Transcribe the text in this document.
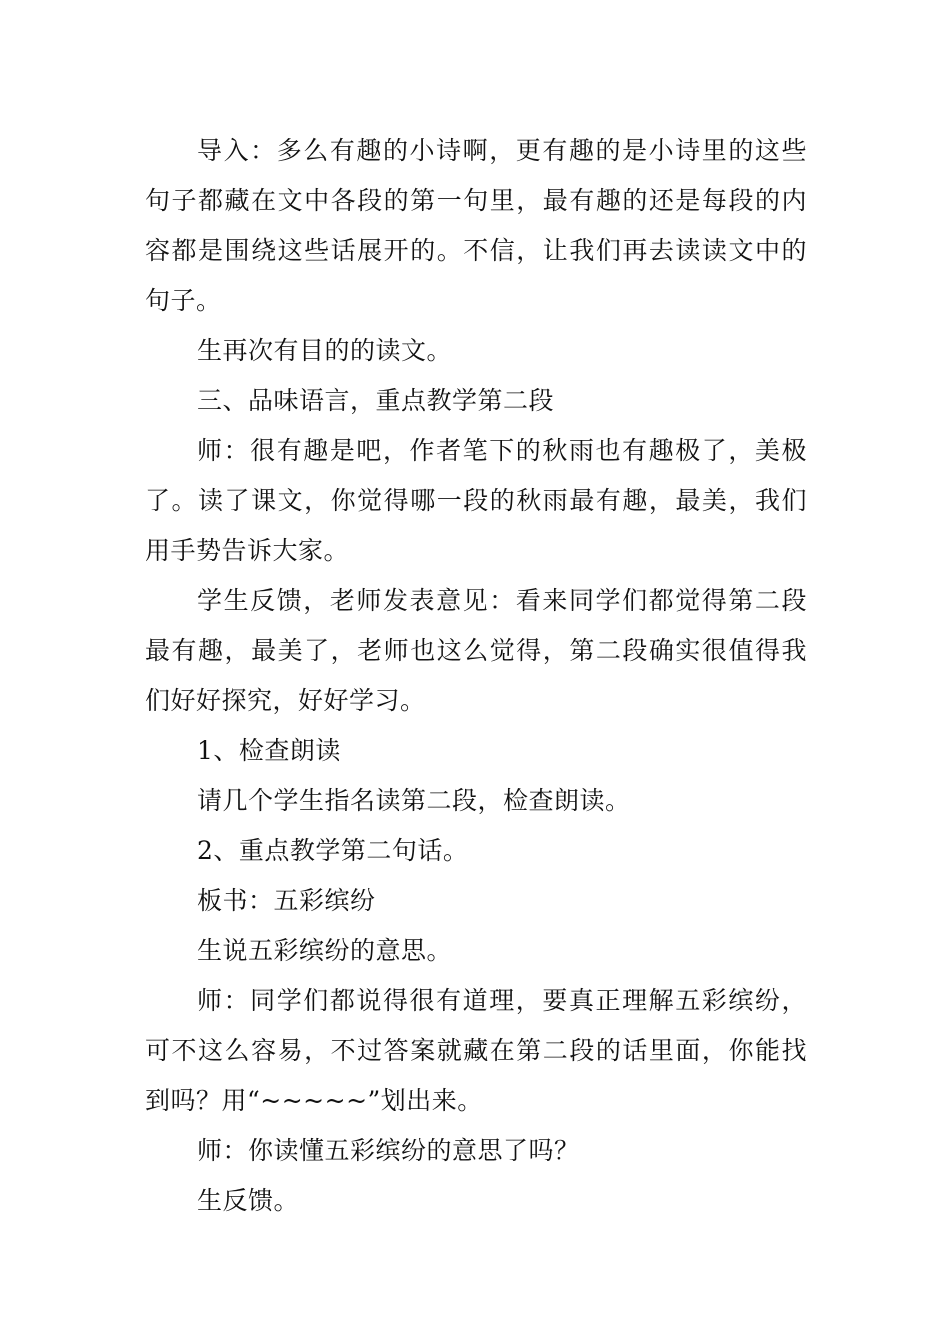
导入：多么有趣的小诗啊，更有趣的是小诗里的这些句子都藏在文中各段的第一句里，最有趣的还是每段的内容都是围绕这些话展开的。不信，让我们再去读读文中的句子。

生再次有目的的读文。

三、品味语言，重点教学第二段

师：很有趣是吧，作者笔下的秋雨也有趣极了，美极了。读了课文，你觉得哪一段的秋雨最有趣，最美，我们用手势告诉大家。

学生反馈，老师发表意见：看来同学们都觉得第二段最有趣，最美了，老师也这么觉得，第二段确实很值得我们好好探究，好好学习。

1、检查朗读

请几个学生指名读第二段，检查朗读。

2、重点教学第二句话。

板书：五彩缤纷

生说五彩缤纷的意思。

师：同学们都说得很有道理，要真正理解五彩缤纷，可不这么容易，不过答案就藏在第二段的话里面，你能找到吗？用“~~~~~”划出来。

师：你读懂五彩缤纷的意思了吗？

生反馈。
